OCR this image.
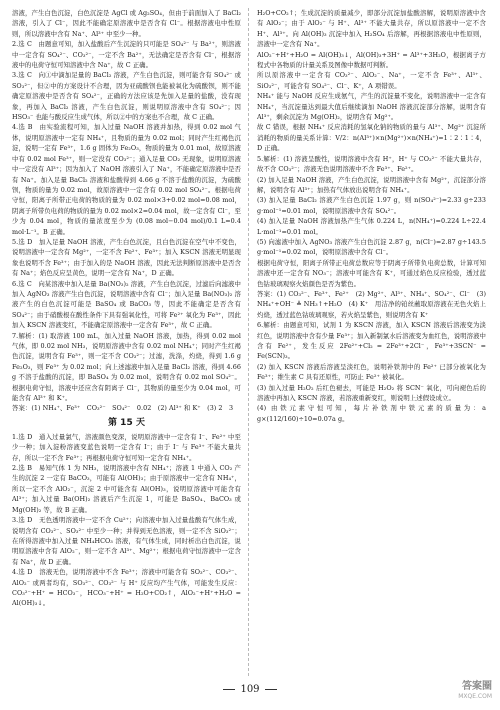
溶液，产生白色沉淀，白色沉淀是 AgCl 或 Ag₂SO₄，但由于前面加入了 BaCl₂ 溶液，引入了 Cl⁻，因此不能确定原溶液中是否含有 Cl⁻。根据溶液电中性原则，所以溶液中含有 Na⁺、Al³⁺ 中至少一种。

2.选 C　由题意可知，加入盐酸后产生沉淀的只可能是 SO₄²⁻ 与 Ba²⁺，则溶液中一定含有 SO₄²⁻、CO₃²⁻，一定不含 Ba²⁺，无法确定是否含有 Cl⁻，根据溶液中的电荷守恒可知溶液中含 Na⁺，故 C 正确。

3.选 C　向①中滴加足量的 BaCl₂ 溶液，产生白色沉淀，则可能含有 SO₄²⁻ 或 SO₃²⁻，但②中的方案设计不合理，因为亚硫酸钡也能被氧化为硫酸钡，则不能确定原溶液中是否含有 SO₄²⁻，正确的方法应该是先加入足量的盐酸，没有现象，再加入 BaCl₂ 溶液，产生白色沉淀，则说明原溶液中含有 SO₄²⁻；因 HSO₃⁻ 也能与酸反应生成气体，所以②中的方案也不合理，故 C 正确。

4.选 B　由实验流程可知，加入过量 NaOH 溶液并加热，得到 0.02 mol 气体，说明原溶液中一定有 NH₄⁺，且物质的量为 0.02 mol；同时产生红褐色沉淀，说明一定有 Fe³⁺，1.6 g 固体为 Fe₂O₃，物质的量为 0.01 mol，故原溶液中有 0.02 mol Fe³⁺，则一定没有 CO₃²⁻；通入足量 CO₂ 无现象，说明原溶液中一定没有 Al³⁺；因为加入了 NaOH 溶液引入了 Na⁺，不能确定原溶液中是否有 Na⁺。加入足量 BaCl₂ 溶液和盐酸得到 4.66 g 不溶于盐酸的沉淀，为硫酸钡，物质的量为 0.02 mol，故原溶液中一定含有 0.02 mol SO₄²⁻。根据电荷守恒，阳离子所带正电荷的物质的量为 0.02 mol×3+0.02 mol=0.08 mol，阴离子所带负电荷的物质的量为 0.02 mol×2=0.04 mol，故一定含有 Cl⁻，至少为 0.04 mol，物质的量浓度至少为 (0.08 mol−0.04 mol)/0.1 L=0.4 mol·L⁻¹。B 正确。

5.选 D　加入足量 NaOH 溶液，产生白色沉淀，且白色沉淀在空气中不变色，说明溶液中一定含有 Mg²⁺，一定不含 Fe²⁺、Fe³⁺；加入 KSCN 溶液无明显现象也说明不含 Fe³⁺；由于加入的是 NaOH 溶液，因此无法判断原溶液中是否含有 Na⁺；焰色反应呈黄色，说明一定含有 Na⁺，D 正确。

6.选 C　向某溶液中加入足量 Ba(NO₃)₂ 溶液，产生白色沉淀，过滤后向滤液中加入 AgNO₃ 溶液产生白色沉淀，说明溶液中含有 Cl⁻；加入足量 Ba(NO₃)₂ 溶液产生的白色沉淀可能是 BaSO₄ 或 BaCO₃ 等，因此不能确定是否含有 SO₄²⁻；由于硝酸根在酸性条件下具有强氧化性，可将 Fe²⁺ 氧化为 Fe³⁺，因此加入 KSCN 溶液变红，不能确定原溶液中一定含有 Fe³⁺，故 C 正确。

7.解析：(1) 取溶液 100 mL，加入过量 NaOH 溶液，加热，得到 0.02 mol 气体，即 0.02 mol NH₃，说明原溶液中含有 0.02 mol NH₄⁺；同时产生红褐色沉淀，说明含有 Fe³⁺，则一定不含 CO₃²⁻；过滤，洗涤，灼烧，得到 1.6 g Fe₂O₃，则 Fe³⁺ 为 0.02 mol；向上述滤液中加入足量 BaCl₂ 溶液，得到 4.66 g 不溶于盐酸的沉淀，即 BaSO₄ 为 0.02 mol，说明含有 0.02 mol SO₄²⁻。根据电荷守恒，溶液中还应含有阴离子 Cl⁻，其物质的量至少为 0.04 mol，可能含有 Al³⁺ 和 K⁺。

答案：(1) NH₄⁺、Fe³⁺　CO₃²⁻　SO₄²⁻　0.02　(2) Al³⁺ 和 K⁺　(3) 2　3

第 15 天

1.选 D　通入过量氯气，溶液颜色变深，说明原溶液中一定含有 I⁻、Fe²⁺ 中至少一种；加入淀粉溶液变蓝色说明一定含有 I⁻；由于 I⁻ 与 Fe³⁺ 不能大量共存，所以一定不含 Fe³⁺；再根据电荷守恒可知一定含有 NH₄⁺。

2.选 B　易知气体 1 为 NH₃，说明溶液中含有 NH₄⁺；溶液 1 中通入 CO₂ 产生的沉淀 2 一定有 BaCO₃，可能有 Al(OH)₃；由于原溶液中一定含有 NH₄⁺，所以一定不含 AlO₂⁻，沉淀 2 中可能含有 Al(OH)₃，说明原溶液中可能含有 Al³⁺；加入过量 Ba(OH)₂ 溶液后产生沉淀 1，可能是 BaSO₄、BaCO₃ 或 Mg(OH)₂ 等，故 B 正确。

3.选 D　无色透明溶液中一定不含 Cu²⁺；向溶液中加入过量盐酸有气体生成，说明含有 CO₃²⁻、SO₃²⁻ 中至少一种；并得到无色溶液，则一定不含 SiO₃²⁻；在所得溶液中加入过量 NH₄HCO₃ 溶液，有气体生成，同时析出白色沉淀，说明原溶液中含有 AlO₂⁻，则一定不含 Al³⁺、Mg²⁺；根据电荷守恒溶液中一定含有 Na⁺，故 D 正确。

4.选 D　溶液无色，说明溶液中不含 Fe³⁺；溶液中可能含有 SO₃²⁻、CO₃²⁻、AlO₂⁻ 或两者均有，SO₃²⁻、CO₃²⁻ 与 H⁺ 反应均产生气体，可能发生反应：CO₃²⁻+H⁺ = HCO₃⁻，HCO₃⁻+H⁺ = H₂O+CO₂↑，AlO₂⁻+H⁺+H₂O = Al(OH)₃↓。

H₂O+CO₂↑；生成沉淀的质量减少，即部分沉淀加盐酸溶解，说明原溶液中含有 AlO₂⁻；由于 AlO₂⁻ 与 H⁺、Al³⁺ 不能大量共存，所以原溶液中一定不含 H⁺、Al³⁺。向 Al(OH)₃ 沉淀中加入 H₂SO₄ 后溶解，再根据溶液电中性原则，溶液中一定含有 Na⁺。

AlO₂⁻+H⁺+H₂O = Al(OH)₃↓，Al(OH)₃+3H⁺ = Al³⁺+3H₂O，根据离子方程式中各物质的计量关系及图像中数据可判断。

所以原溶液中一定含有 CO₃²⁻、AlO₂⁻、Na⁺，一定不含 Fe³⁺、Al³⁺、SiO₃²⁻，可能含有 SO₄²⁻、Cl⁻、K⁺，A 项错误。

NH₄⁺ 能与 NaOH 反应生成氨气，产生的沉淀量不变化，说明溶液中一定含有 NH₄⁺，当沉淀量达到最大值后继续滴加 NaOH 溶液沉淀部分溶解，说明含有 Al³⁺，剩余沉淀为 Mg(OH)₂，说明含有 Mg²⁺。

故 C 错误，根据 NH₄⁺ 反应消耗的氢氧化钠的物质的量与 Al³⁺、Mg²⁺ 沉淀所消耗的物质的量关系计算：V/2：n(Al³⁺)×n(Mg²⁺)×n(NH₄⁺)=1∶2∶1∶4，D 正确。

5.解析：(1) 溶液呈酸性，说明溶液中含有 H⁺，H⁺ 与 CO₃²⁻ 不能大量共存，故不含 CO₃²⁻；溶液无色说明溶液中不含 Fe³⁺、Fe²⁺。

(2) 加入足量 NaOH 溶液，产生白色沉淀，说明溶液中含有 Mg²⁺，沉淀部分溶解，说明含有 Al³⁺；加热有气体放出说明含有 NH₄⁺。

(3) 加入足量 BaCl₂ 溶液产生白色沉淀 1.97 g，则 n(SO₄²⁻)=2.33 g÷233 g·mol⁻¹=0.01 mol，说明原溶液中含有 SO₄²⁻。

(4) 加入足量 NaOH 溶液加热产生气体 0.224 L，n(NH₄⁺)=0.224 L÷22.4 L·mol⁻¹=0.01 mol。

(5) 向滤液中加入 AgNO₃ 溶液产生白色沉淀 2.87 g，n(Cl⁻)=2.87 g÷143.5 g·mol⁻¹=0.02 mol，说明原溶液中含有 Cl⁻。

根据电荷守恒，阳离子所带正电荷总数应等于阴离子所带负电荷总数，计算可知溶液中还一定含有 NO₃⁻；溶液中可能含有 K⁺，可通过焰色反应检验，透过蓝色钴玻璃观察火焰颜色是否为紫色。

答案：(1) CO₃²⁻、Fe³⁺、Fe²⁺　(2) Mg²⁺、Al³⁺、NH₄⁺、SO₄²⁻、Cl⁻　(3) NH₄⁺+OH⁻ ≜ NH₃↑+H₂O　(4) K⁺　用洁净的铂丝蘸取原溶液在无色火焰上灼烧，透过蓝色钴玻璃观察，若火焰呈紫色，则说明含有 K⁺

6.解析：由题意可知，试剂 1 为 KSCN 溶液，加入 KSCN 溶液后溶液变为淡红色，说明溶液中含有少量 Fe³⁺；加入新制氯水后溶液变为血红色，说明溶液中含有 Fe²⁺，发生反应 2Fe²⁺+Cl₂ = 2Fe³⁺+2Cl⁻，Fe³⁺+3SCN⁻ = Fe(SCN)₃。

(2) 加入 KSCN 溶液后溶液呈淡红色，说明补铁剂中的 Fe²⁺ 已部分被氧化为 Fe³⁺；维生素 C 具有还原性，可防止 Fe²⁺ 被氧化。

(3) 加入过量 H₂O₂ 后红色褪去，可能是 H₂O₂ 将 SCN⁻ 氧化，可向褪色后的溶液中再加入 KSCN 溶液，若溶液重新变红，则说明上述假设成立。

(4) 由铁元素守恒可知，每片补铁剂中铁元素的质量为：a g×(112/160)÷10=0.07a g。

109	答案圈
MXQE.COM
